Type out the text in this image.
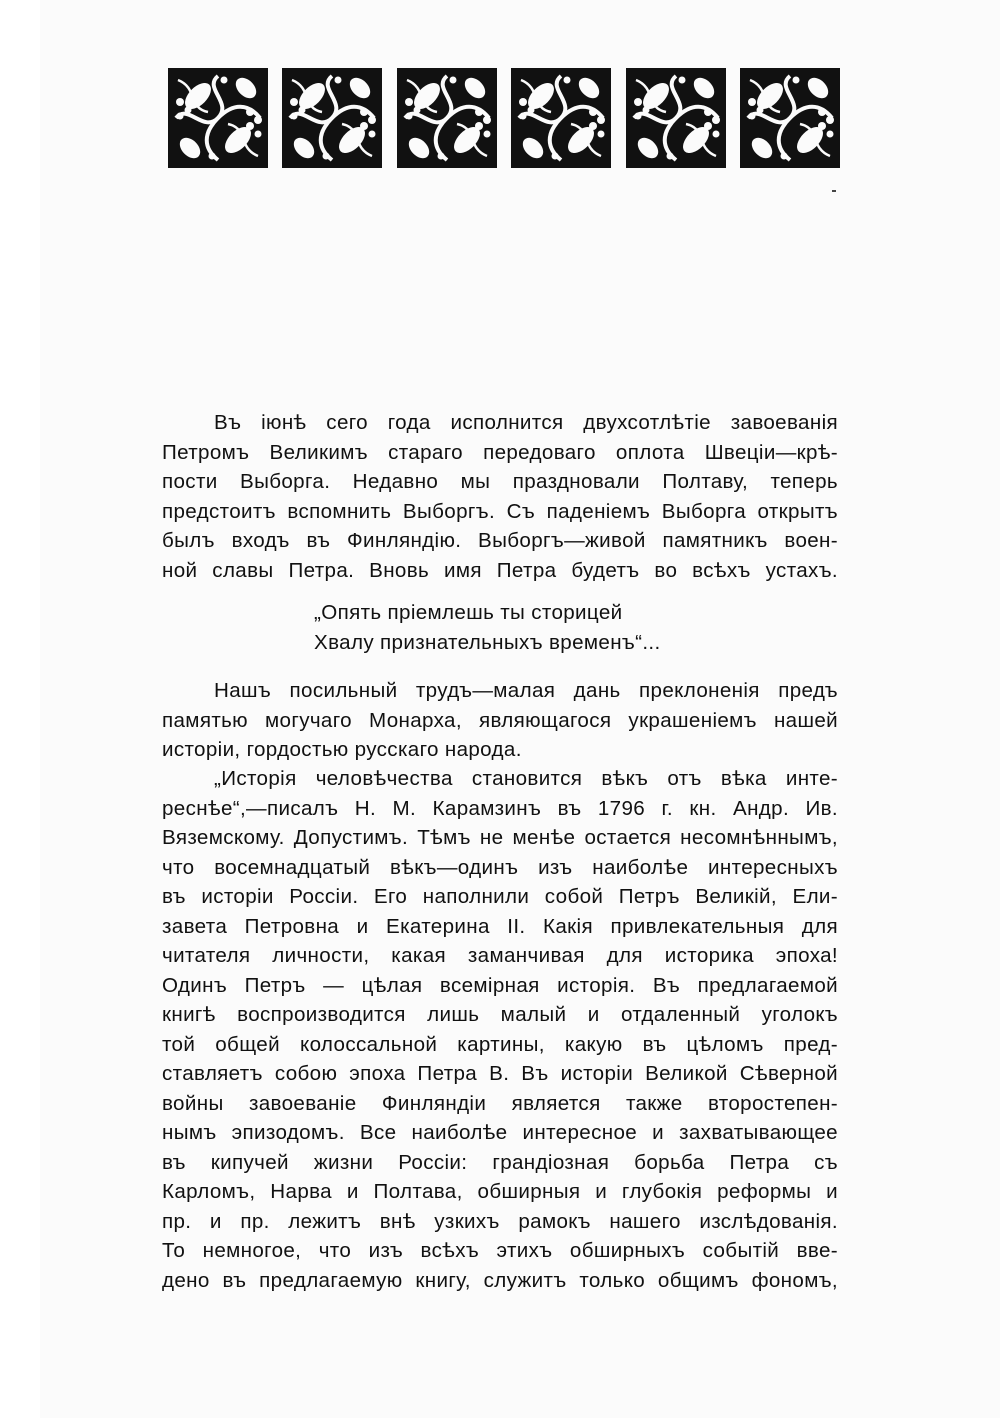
Въ іюнѣ сего года исполнится двухсотлѣтіе завоеванія
Петромъ Великимъ стараго передоваго оплота Швеціи—крѣ-
пости Выборга. Недавно мы праздновали Полтаву, теперь
предстоитъ вспомнить Выборгъ. Съ паденіемъ Выборга открытъ
былъ входъ въ Финляндію. Выборгъ—живой памятникъ воен-
ной славы Петра. Вновь имя Петра будетъ во всѣхъ устахъ.
„Опять пріемлешь ты сторицей
Хвалу признательныхъ временъ“...
Нашъ посильный трудъ—малая дань преклоненія предъ
памятью могучаго Монарха, являющагося украшеніемъ нашей
исторіи, гордостью русскаго народа.
„Исторія человѣчества становится вѣкъ отъ вѣка инте-
реснѣе“,—писалъ Н. М. Карамзинъ въ 1796 г. кн. Андр. Ив.
Вяземскому. Допустимъ. Тѣмъ не менѣе остается несомнѣннымъ,
что восемнадцатый вѣкъ—одинъ изъ наиболѣе интересныхъ
въ исторіи Россіи. Его наполнили собой Петръ Великій, Ели-
завета Петровна и Екатерина II. Какія привлекательныя для
читателя личности, какая заманчивая для историка эпоха!
Одинъ Петръ — цѣлая всемірная исторія. Въ предлагаемой
книгѣ воспроизводится лишь малый и отдаленный уголокъ
той общей колоссальной картины, какую въ цѣломъ пред-
ставляетъ собою эпоха Петра В. Въ исторіи Великой Сѣверной
войны завоеваніе Финляндіи является также второстепен-
нымъ эпизодомъ. Все наиболѣе интересное и захватывающее
въ кипучей жизни Россіи: грандіозная борьба Петра съ
Карломъ, Нарва и Полтава, обширныя и глубокія реформы и
пр. и пр. лежитъ внѣ узкихъ рамокъ нашего изслѣдованія.
То немногое, что изъ всѣхъ этихъ обширныхъ событій вве-
дено въ предлагаемую книгу, служитъ только общимъ фономъ,
